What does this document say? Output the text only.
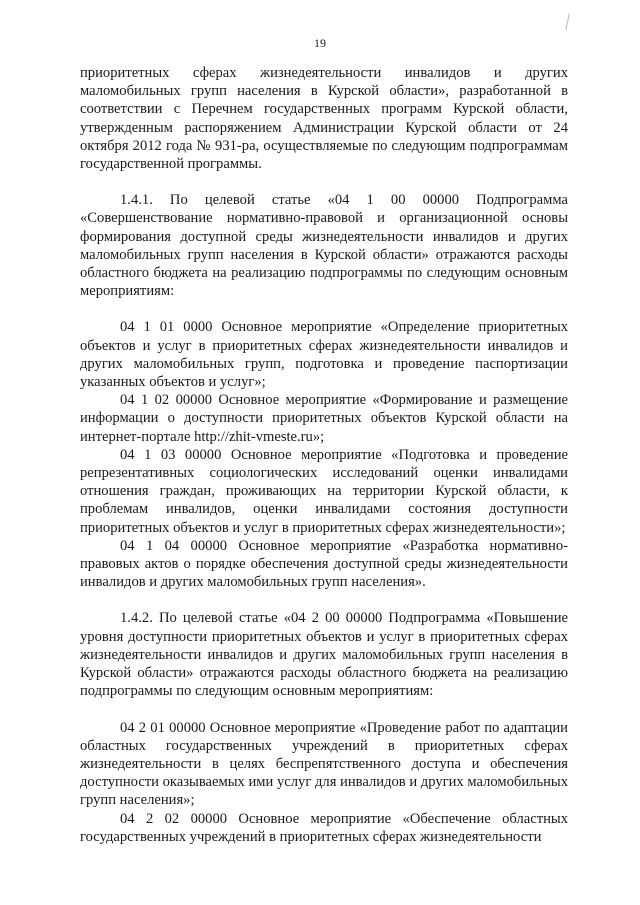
19

приоритетных сферах жизнедеятельности инвалидов и других маломобильных групп населения в Курской области», разработанной в соответствии с Перечнем государственных программ Курской области, утвержденным распоряжением Администрации Курской области от 24 октября 2012 года № 931-ра, осуществляемые по следующим подпрограммам государственной программы.

1.4.1. По целевой статье «04 1 00 00000 Подпрограмма «Совершенствование нормативно-правовой и организационной основы формирования доступной среды жизнедеятельности инвалидов и других маломобильных групп населения в Курской области» отражаются расходы областного бюджета на реализацию подпрограммы по следующим основным мероприятиям:

04 1 01 0000 Основное мероприятие «Определение приоритетных объектов и услуг в приоритетных сферах жизнедеятельности инвалидов и других маломобильных групп, подготовка и проведение паспортизации указанных объектов и услуг»;

04 1 02 00000 Основное мероприятие «Формирование и размещение информации о доступности приоритетных объектов Курской области на интернет-портале http://zhit-vmeste.ru»;

04 1 03 00000 Основное мероприятие «Подготовка и проведение репрезентативных социологических исследований оценки инвалидами отношения граждан, проживающих на территории Курской области, к проблемам инвалидов, оценки инвалидами состояния доступности приоритетных объектов и услуг в приоритетных сферах жизнедеятельности»;

04 1 04 00000 Основное мероприятие «Разработка нормативно-правовых актов о порядке обеспечения доступной среды жизнедеятельности инвалидов и других маломобильных групп населения».

1.4.2. По целевой статье «04 2 00 00000 Подпрограмма «Повышение уровня доступности приоритетных объектов и услуг в приоритетных сферах жизнедеятельности инвалидов и других маломобильных групп населения в Курской области» отражаются расходы областного бюджета на реализацию подпрограммы по следующим основным мероприятиям:

04 2 01 00000 Основное мероприятие «Проведение работ по адаптации областных государственных учреждений в приоритетных сферах жизнедеятельности в целях беспрепятственного доступа и обеспечения доступности оказываемых ими услуг для инвалидов и других маломобильных групп населения»;

04 2 02 00000 Основное мероприятие «Обеспечение областных государственных учреждений в приоритетных сферах жизнедеятельности
